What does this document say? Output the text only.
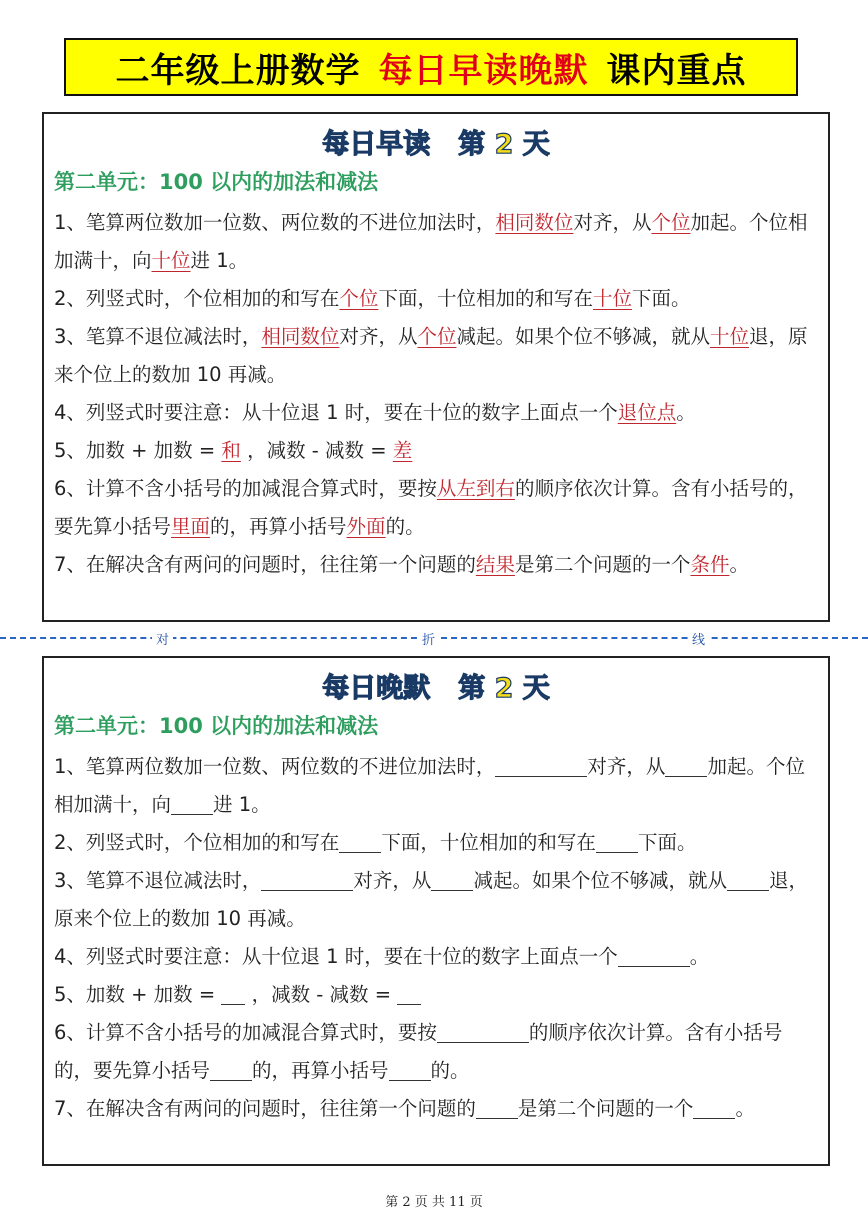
二年级上册数学 每日早读晚默 课内重点
每日早读 第 2 天
第二单元：100 以内的加法和减法
1、笔算两位数加一位数、两位数的不进位加法时，相同数位对齐，从个位加起。个位相加满十，向十位进 1。
2、列竖式时，个位相加的和写在个位下面，十位相加的和写在十位下面。
3、笔算不退位减法时，相同数位对齐，从个位减起。如果个位不够减，就从十位退，原来个位上的数加 10 再减。
4、列竖式时要注意：从十位退 1 时，要在十位的数字上面点一个退位点。
5、加数 + 加数 = 和 ，减数 - 减数 = 差
6、计算不含小括号的加减混合算式时，要按从左到右的顺序依次计算。含有小括号的，要先算小括号里面的，再算小括号外面的。
7、在解决含有两问的问题时，往往第一个问题的结果是第二个问题的一个条件。
对	折	线
每日晚默 第 2 天
第二单元：100 以内的加法和减法
1、笔算两位数加一位数、两位数的不进位加法时，	对齐，从 加起。个位相加满十，向 进 1。
2、列竖式时，个位相加的和写在 下面，十位相加的和写在 下面。
3、笔算不退位减法时，	对齐，从 减起。如果个位不够减，就从 退，原来个位上的数加 10 再减。
4、列竖式时要注意：从十位退 1 时，要在十位的数字上面点一个	。
5、加数 + 加数 =  ，减数 - 减数 =
6、计算不含小括号的加减混合算式时，要按	的顺序依次计算。含有小括号的，要先算小括号 的，再算小括号 的。
7、在解决含有两问的问题时，往往第一个问题的 是第二个问题的一个 。
第 2 页 共 11 页
